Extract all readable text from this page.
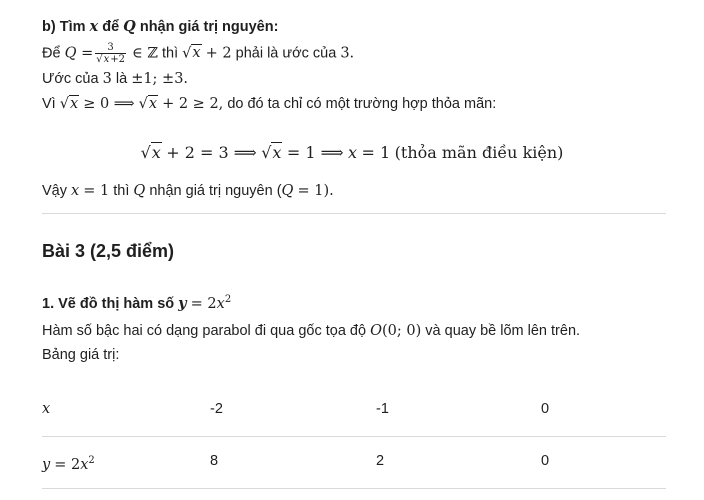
b) Tìm x để Q nhận giá trị nguyên:
Để $Q = \frac{3}{√x+2}$ ∈ ℤ thì √x + 2 phải là ước của 3.
Ước của 3 là ±1; ±3.
Vì √x ≥ 0 ⟹ √x + 2 ≥ 2, do đó ta chỉ có một trường hợp thỏa mãn:
√x + 2 = 3 ⟹ √x = 1 ⟹ x = 1 (thỏa mãn điều kiện)
Vậy x = 1 thì Q nhận giá trị nguyên (Q = 1).
Bài 3 (2,5 điểm)
1. Vẽ đồ thị hàm số $y = 2x^2$
Hàm số bậc hai có dạng parabol đi qua gốc tọa độ O(0; 0) và quay bề lõm lên trên.
Bảng giá trị:
x	-2	-1	0
$y = 2x^2$	8	2	0
